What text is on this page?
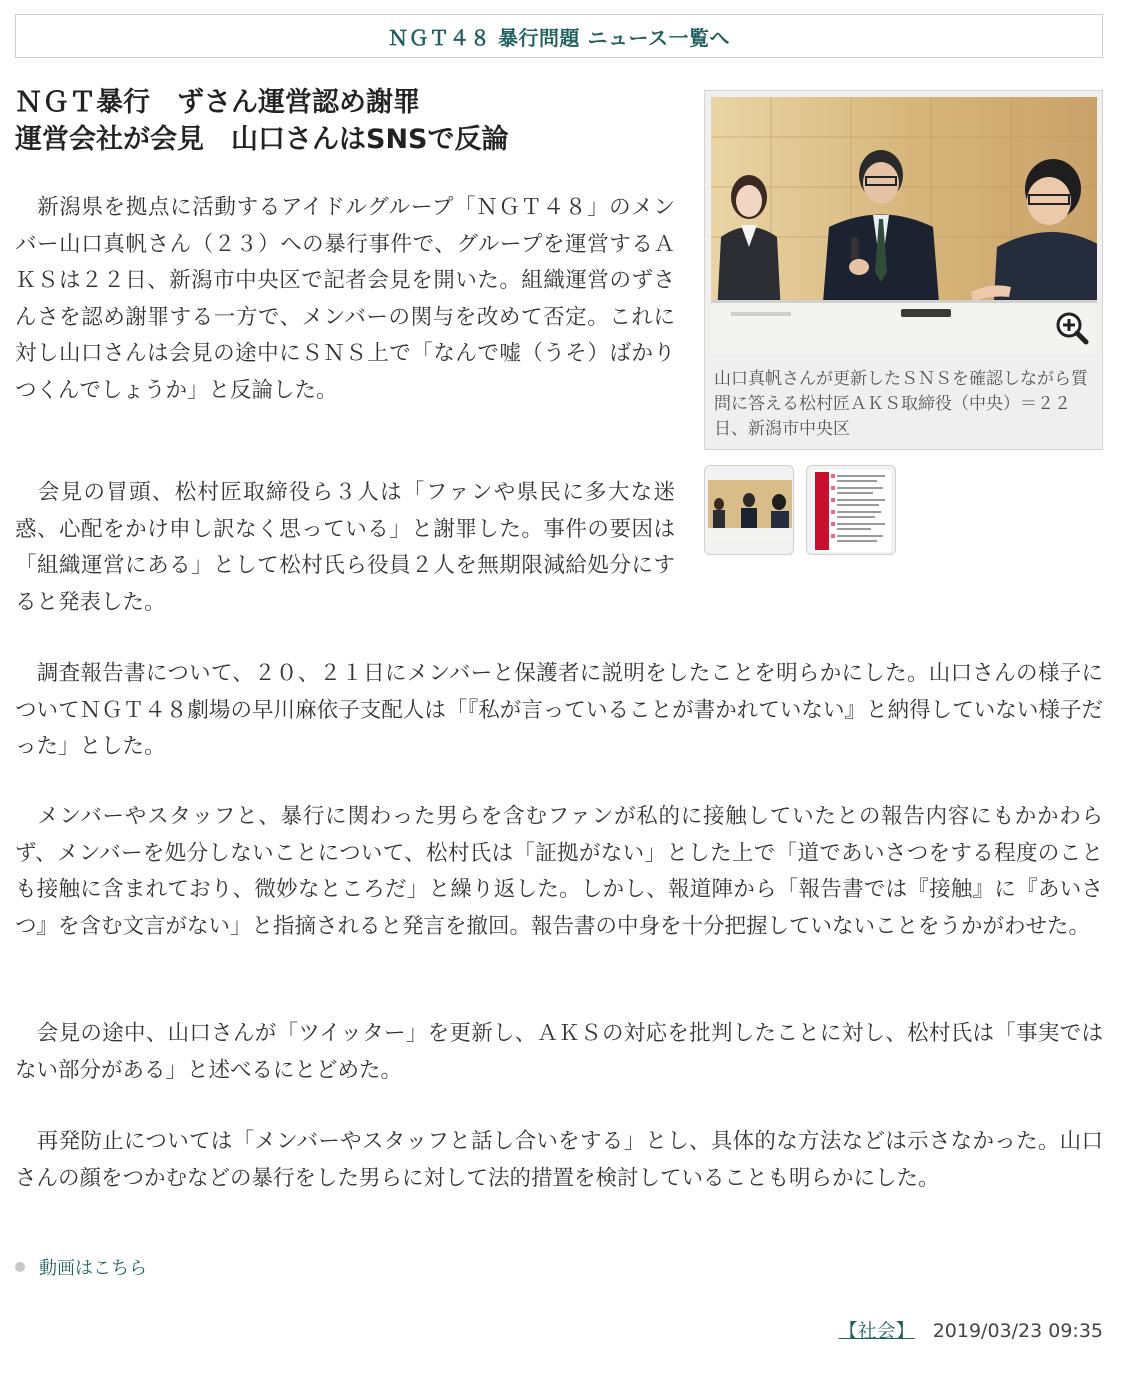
ＮＧＴ４８ 暴行問題 ニュース一覧へ
ＮＧＴ暴行　ずさん運営認め謝罪
運営会社が会見　山口さんはSNSで反論

　新潟県を拠点に活動するアイドルグループ「ＮＧＴ４８」のメンバー山口真帆さん（２３）への暴行事件で、グループを運営するＡＫＳは２２日、新潟市中央区で記者会見を開いた。組織運営のずさんさを認め謝罪する一方で、メンバーの関与を改めて否定。これに対し山口さんは会見の途中にＳＮＳ上で「なんで嘘（うそ）ばかりつくんでしょうか」と反論した。

　会見の冒頭、松村匠取締役ら３人は「ファンや県民に多大な迷惑、心配をかけ申し訳なく思っている」と謝罪した。事件の要因は「組織運営にある」として松村氏ら役員２人を無期限減給処分にすると発表した。

　調査報告書について、２０、２１日にメンバーと保護者に説明をしたことを明らかにした。山口さんの様子についてＮＧＴ４８劇場の早川麻依子支配人は「『私が言っていることが書かれていない』と納得していない様子だった」とした。

　メンバーやスタッフと、暴行に関わった男らを含むファンが私的に接触していたとの報告内容にもかかわらず、メンバーを処分しないことについて、松村氏は「証拠がない」とした上で「道であいさつをする程度のことも接触に含まれており、微妙なところだ」と繰り返した。しかし、報道陣から「報告書では『接触』に『あいさつ』を含む文言がない」と指摘されると発言を撤回。報告書の中身を十分把握していないことをうかがわせた。

　会見の途中、山口さんが「ツイッター」を更新し、ＡＫＳの対応を批判したことに対し、松村氏は「事実ではない部分がある」と述べるにとどめた。

　再発防止については「メンバーやスタッフと話し合いをする」とし、具体的な方法などは示さなかった。山口さんの顔をつかむなどの暴行をした男らに対して法的措置を検討していることも明らかにした。

山口真帆さんが更新したＳＮＳを確認しながら質問に答える松村匠ＡＫＳ取締役（中央）＝２２日、新潟市中央区

動画はこちら
【社会】 2019/03/23 09:35
